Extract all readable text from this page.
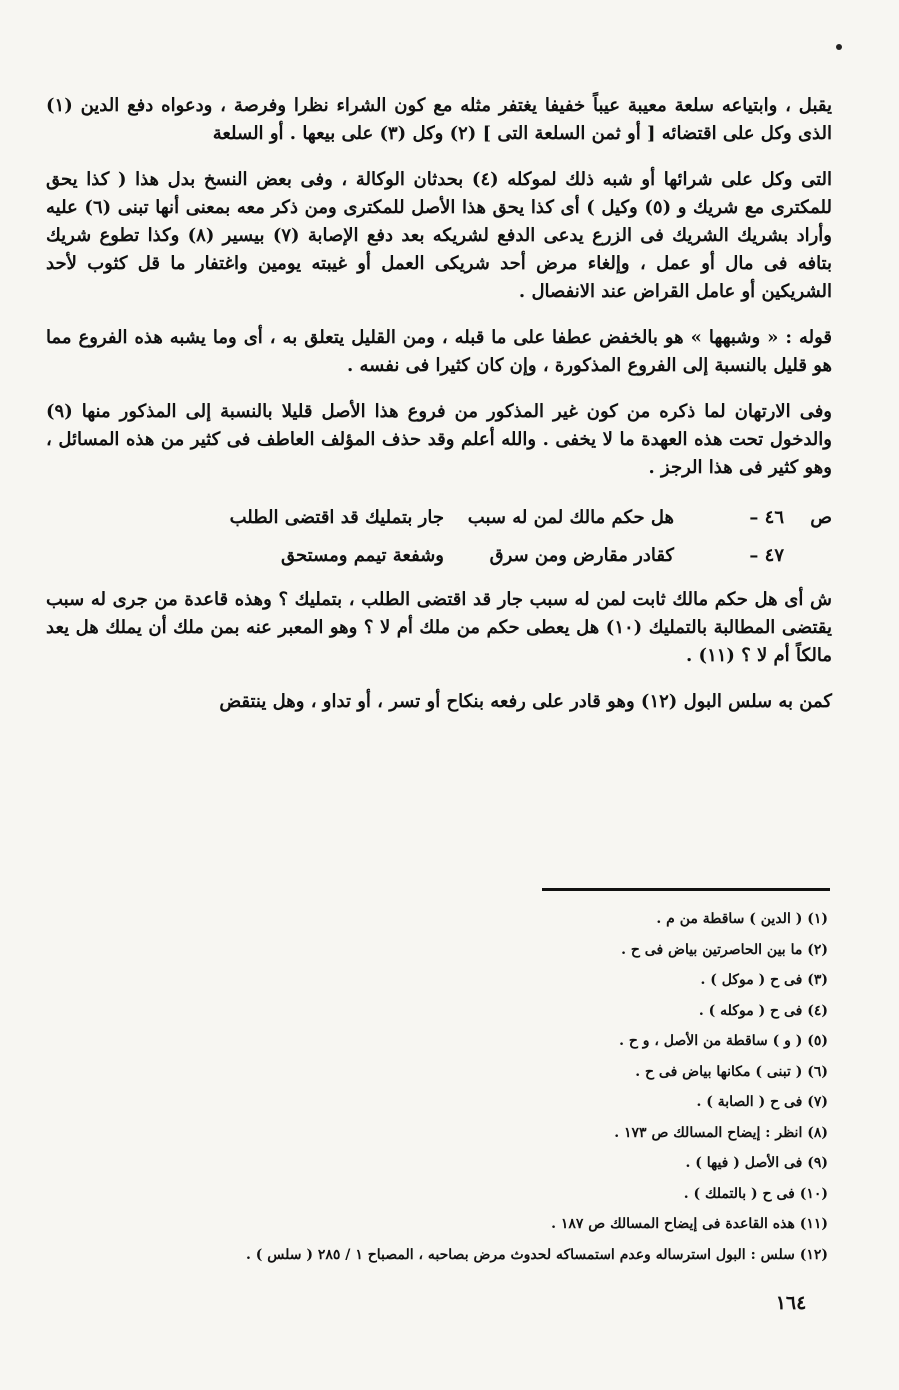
يقبل ، وابتياعه سلعة معيبة عيباً خفيفا يغتفر مثله مع كون الشراء نظرا وفرصة ، ودعواه دفع الدين (١) الذى وكل على اقتضائه [ أو ثمن السلعة التى ] (٢) وكل (٣) على بيعها . أو السلعة

التى وكل على شرائها أو شبه ذلك لموكله (٤) بحدثان الوكالة ، وفى بعض النسخ بدل هذا ( كذا يحق للمكترى مع شريك و (٥) وكيل ) أى كذا يحق هذا الأصل للمكترى ومن ذكر معه بمعنى أنها تبنى (٦) عليه وأراد بشريك الشريك فى الزرع يدعى الدفع لشريكه بعد دفع الإصابة (٧) بيسير (٨) وكذا تطوع شريك بتافه فى مال أو عمل ، وإلغاء مرض أحد شريكى العمل أو غيبته يومين واغتفار ما قل كثوب لأحد الشريكين أو عامل القراض عند الانفصال .

قوله : « وشبهها » هو بالخفض عطفا على ما قبله ، ومن القليل يتعلق به ، أى وما يشبه هذه الفروع مما هو قليل بالنسبة إلى الفروع المذكورة ، وإن كان كثيرا فى نفسه .

وفى الارتهان لما ذكره من كون غير المذكور من فروع هذا الأصل قليلا بالنسبة إلى المذكور منها (٩) والدخول تحت هذه العهدة ما لا يخفى . والله أعلم وقد حذف المؤلف العاطف فى كثير من هذه المسائل ، وهو كثير فى هذا الرجز .

ص
٤٦ –
هل حكم مالك لمن له سبب
جار بتمليك قد اقتضى الطلب
٤٧ –
كقادر مقارض ومن سرق
وشفعة تيمم ومستحق

ش أى هل حكم مالك ثابت لمن له سبب جار قد اقتضى الطلب ، بتمليك ؟ وهذه قاعدة من جرى له سبب يقتضى المطالبة بالتمليك (١٠) هل يعطى حكم من ملك أم لا ؟ وهو المعبر عنه بمن ملك أن يملك هل يعد مالكاً أم لا ؟ (١١) .

كمن به سلس البول (١٢) وهو قادر على رفعه بنكاح أو تسر ، أو تداو ، وهل ينتقض

(١) ( الدين ) ساقطة من م .
(٢) ما بين الحاصرتين بياض فى ح .
(٣) فى ح ( موكل ) .
(٤) فى ح ( موكله ) .
(٥) ( و ) ساقطة من الأصل ، و ح .
(٦) ( تبنى ) مكانها بياض فى ح .
(٧) فى ح ( الصابة ) .
(٨) انظر : إيضاح المسالك ص ١٧٣ .
(٩) فى الأصل ( فيها ) .
(١٠) فى ح ( بالتملك ) .
(١١) هذه القاعدة فى إيضاح المسالك ص ١٨٧ .
(١٢) سلس : البول استرساله وعدم استمساكه لحدوث مرض بصاحبه ، المصباح ١ / ٢٨٥ ( سلس ) .
١٦٤
